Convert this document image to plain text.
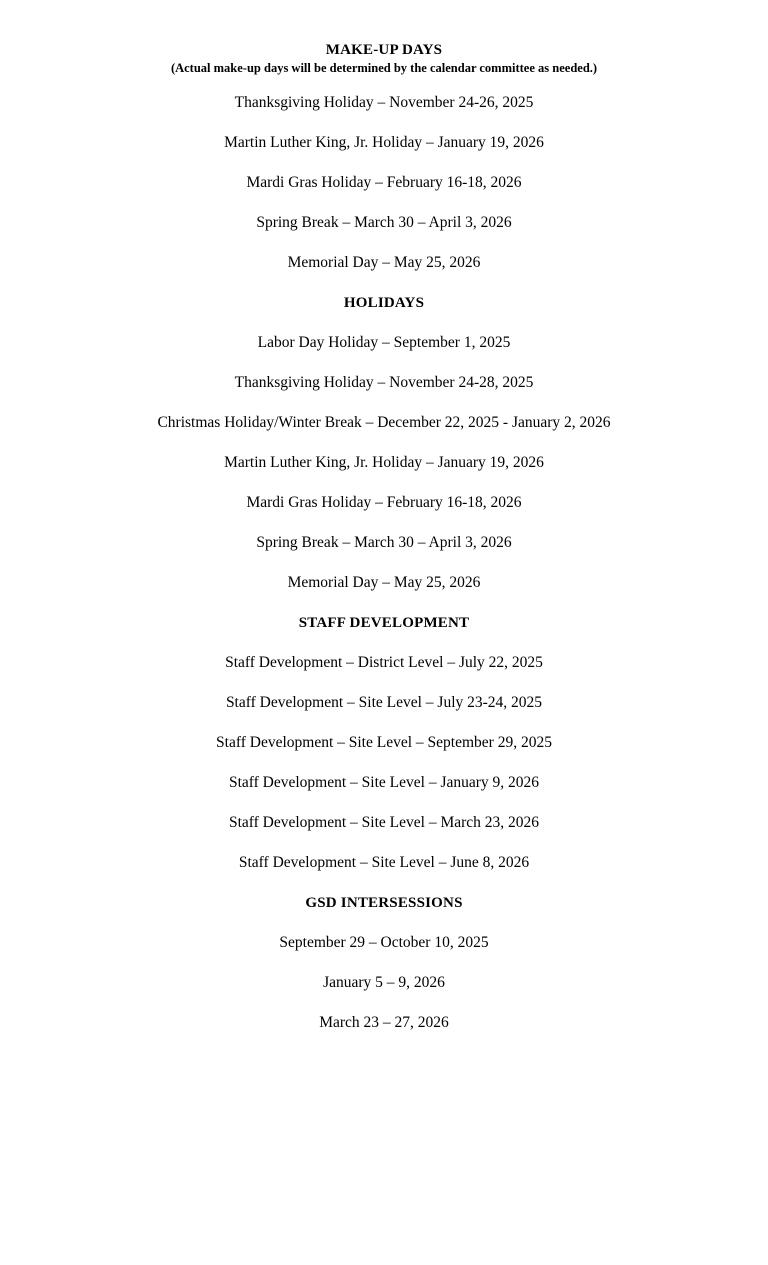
MAKE-UP DAYS

(Actual make-up days will be determined by the calendar committee as needed.)

Thanksgiving Holiday – November 24-26, 2025

Martin Luther King, Jr. Holiday – January 19, 2026

Mardi Gras Holiday – February 16-18, 2026

Spring Break – March 30 – April 3, 2026

Memorial Day – May 25, 2026

HOLIDAYS

Labor Day Holiday – September 1, 2025

Thanksgiving Holiday – November 24-28, 2025

Christmas Holiday/Winter Break – December 22, 2025 - January 2, 2026

Martin Luther King, Jr. Holiday – January 19, 2026

Mardi Gras Holiday – February 16-18, 2026

Spring Break – March 30 – April 3, 2026

Memorial Day – May 25, 2026

STAFF DEVELOPMENT

Staff Development – District Level – July 22, 2025

Staff Development – Site Level – July 23-24, 2025

Staff Development – Site Level – September 29, 2025

Staff Development – Site Level – January 9, 2026

Staff Development – Site Level – March 23, 2026

Staff Development – Site Level – June 8, 2026

GSD INTERSESSIONS

September 29 – October 10, 2025

January 5 – 9, 2026

March 23 – 27, 2026
